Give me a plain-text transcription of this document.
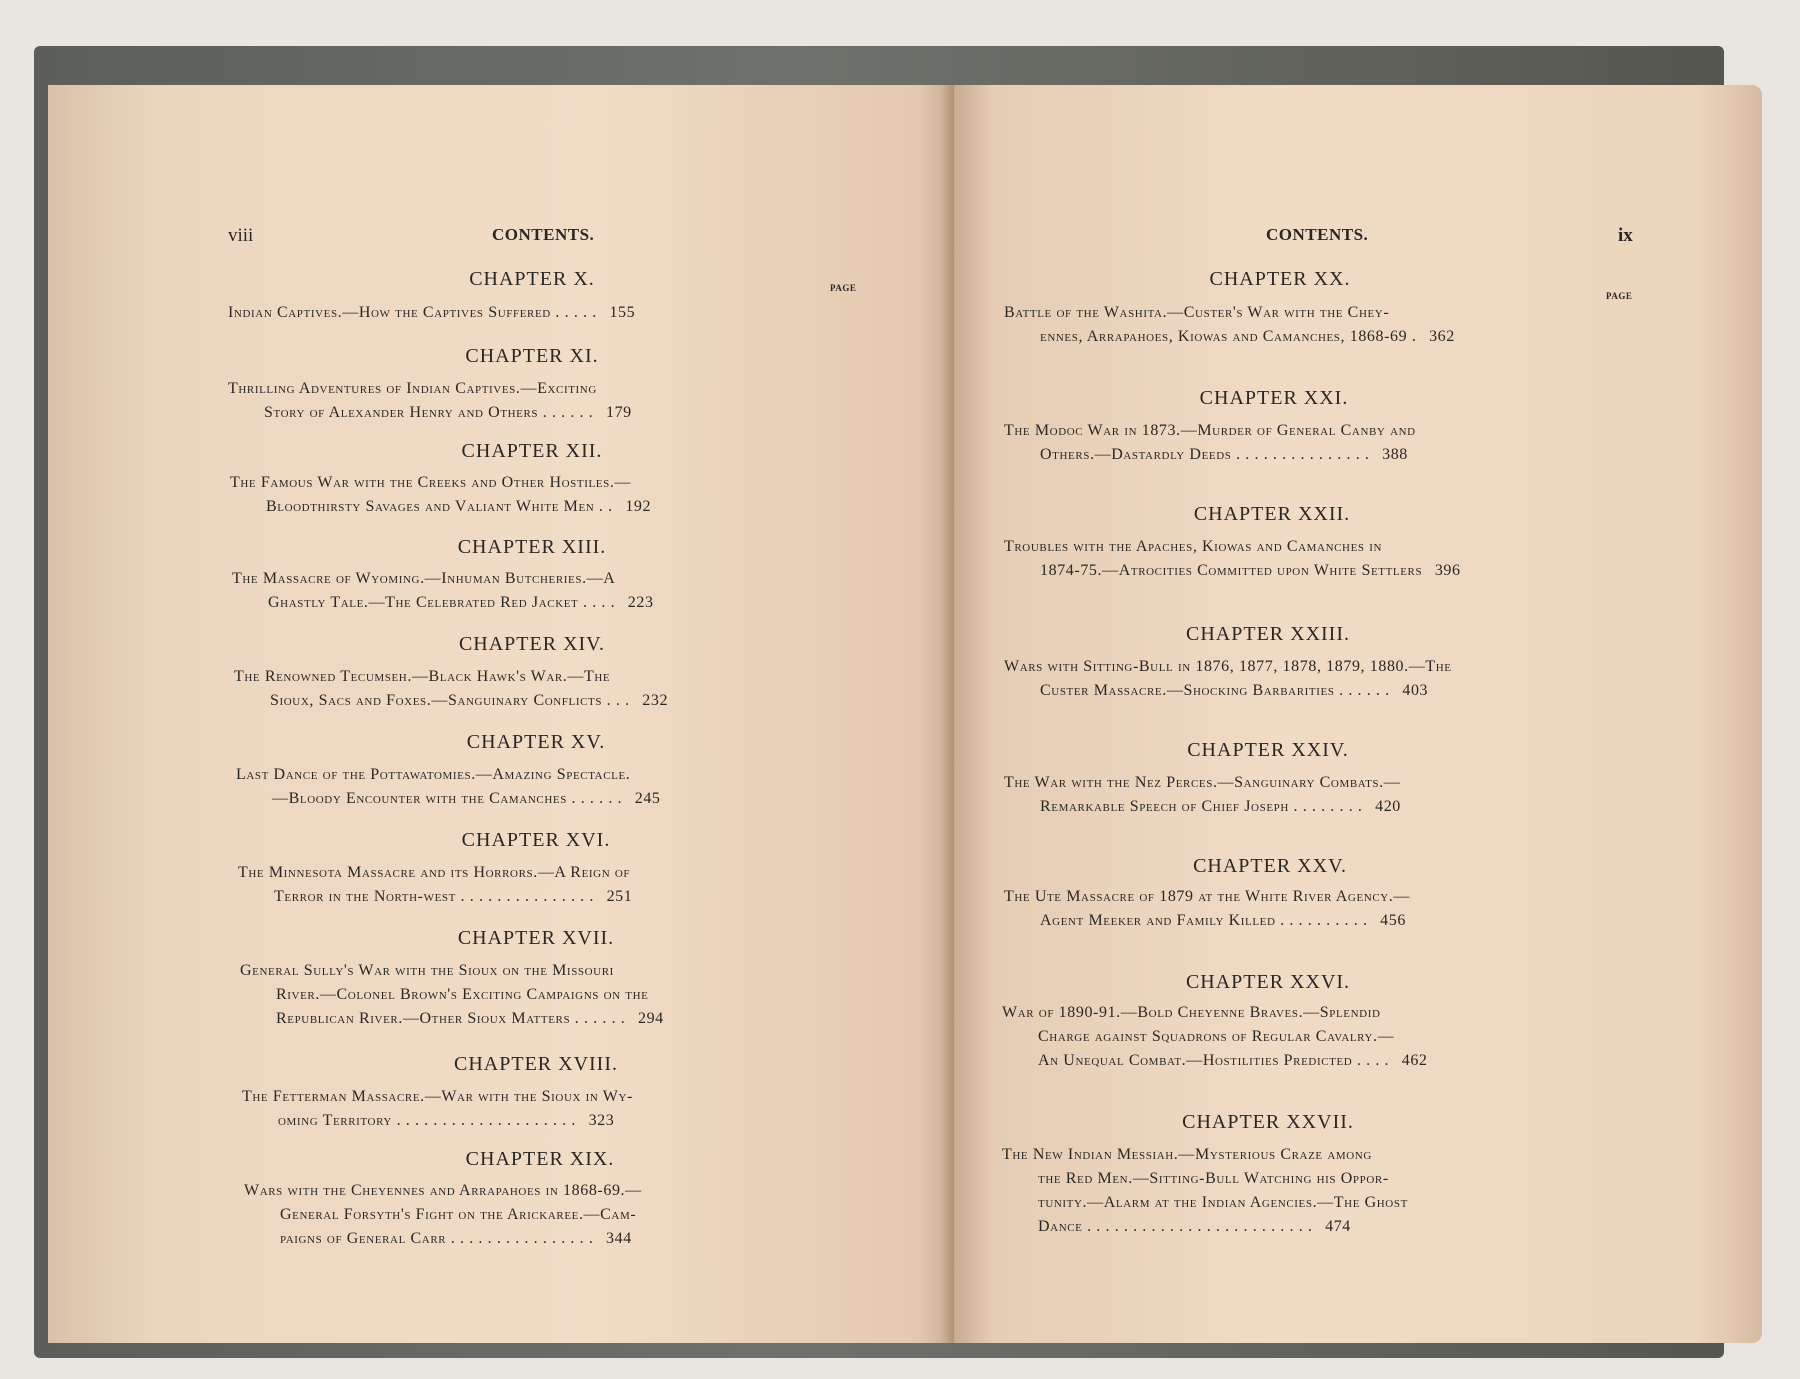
viii	CONTENTS.
PAGE
CHAPTER X.
Indian Captives.—How the Captives Suffered . . . . . 155
CHAPTER XI.
Thrilling Adventures of Indian Captives.—Exciting
Story of Alexander Henry and Others . . . . . . 179
CHAPTER XII.
The Famous War with the Creeks and Other Hostiles.—
Bloodthirsty Savages and Valiant White Men . . 192
CHAPTER XIII.
The Massacre of Wyoming.—Inhuman Butcheries.—A
Ghastly Tale.—The Celebrated Red Jacket . . . . 223
CHAPTER XIV.
The Renowned Tecumseh.—Black Hawk's War.—The
Sioux, Sacs and Foxes.—Sanguinary Conflicts . . . 232
CHAPTER XV.
Last Dance of the Pottawatomies.—Amazing Spectacle.
—Bloody Encounter with the Camanches . . . . . . 245
CHAPTER XVI.
The Minnesota Massacre and its Horrors.—A Reign of
Terror in the North-west . . . . . . . . . . . . . . . 251
CHAPTER XVII.
General Sully's War with the Sioux on the Missouri
River.—Colonel Brown's Exciting Campaigns on the
Republican River.—Other Sioux Matters . . . . . . 294
CHAPTER XVIII.
The Fetterman Massacre.—War with the Sioux in Wy-
oming Territory . . . . . . . . . . . . . . . . . . . . 323
CHAPTER XIX.
Wars with the Cheyennes and Arrapahoes in 1868-69.—
General Forsyth's Fight on the Arickaree.—Cam-
paigns of General Carr . . . . . . . . . . . . . . . . 344
CONTENTS.	ix
PAGE
CHAPTER XX.
Battle of the Washita.—Custer's War with the Chey-
ennes, Arrapahoes, Kiowas and Camanches, 1868-69 . 362
CHAPTER XXI.
The Modoc War in 1873.—Murder of General Canby and
Others.—Dastardly Deeds . . . . . . . . . . . . . . . 388
CHAPTER XXII.
Troubles with the Apaches, Kiowas and Camanches in
1874-75.—Atrocities Committed upon White Settlers 396
CHAPTER XXIII.
Wars with Sitting-Bull in 1876, 1877, 1878, 1879, 1880.—The
Custer Massacre.—Shocking Barbarities . . . . . . 403
CHAPTER XXIV.
The War with the Nez Perces.—Sanguinary Combats.—
Remarkable Speech of Chief Joseph . . . . . . . . 420
CHAPTER XXV.
The Ute Massacre of 1879 at the White River Agency.—
Agent Meeker and Family Killed . . . . . . . . . . 456
CHAPTER XXVI.
War of 1890-91.—Bold Cheyenne Braves.—Splendid
Charge against Squadrons of Regular Cavalry.—
An Unequal Combat.—Hostilities Predicted . . . . 462
CHAPTER XXVII.
The New Indian Messiah.—Mysterious Craze among
the Red Men.—Sitting-Bull Watching his Oppor-
tunity.—Alarm at the Indian Agencies.—The Ghost
Dance . . . . . . . . . . . . . . . . . . . . . . . . . 474
